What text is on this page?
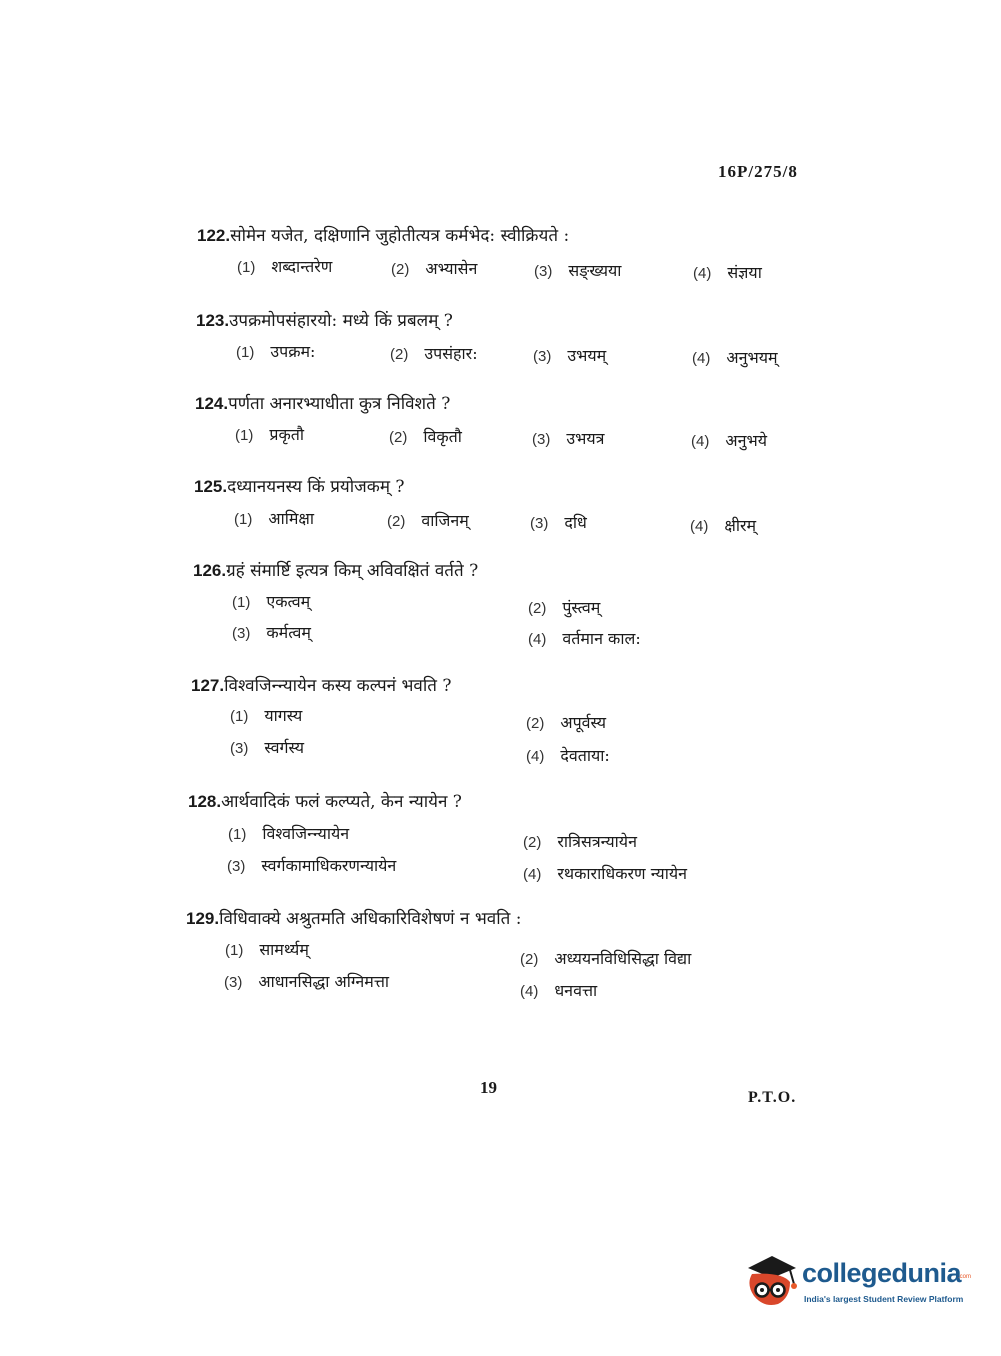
16P/275/8
122.सोमेन यजेत, दक्षिणानि जुहोतीत्यत्र कर्मभेद: स्वीक्रियते :
(1) शब्दान्तरेण	(2) अभ्यासेन	(3) सङ्ख्यया	(4) संज्ञया
123.उपक्रमोपसंहारयो: मध्ये किं प्रबलम् ?
(1) उपक्रम:	(2) उपसंहार:	(3) उभयम्	(4) अनुभयम्
124.पर्णता अनारभ्याधीता कुत्र निविशते ?
(1) प्रकृतौ	(2) विकृतौ	(3) उभयत्र	(4) अनुभये
125.दध्यानयनस्य किं प्रयोजकम् ?
(1) आमिक्षा	(2) वाजिनम्	(3) दधि	(4) क्षीरम्
126.ग्रहं संमार्ष्टि इत्यत्र किम् अविवक्षितं वर्तते ?
(1) एकत्वम्	(2) पुंस्त्वम्
(3) कर्मत्वम्	(4) वर्तमान काल:
127.विश्वजिन्न्यायेन कस्य कल्पनं भवति ?
(1) यागस्य	(2) अपूर्वस्य
(3) स्वर्गस्य	(4) देवताया:
128.आर्थवादिकं फलं कल्प्यते, केन न्यायेन ?
(1) विश्वजिन्न्यायेन	(2) रात्रिसत्रन्यायेन
(3) स्वर्गकामाधिकरणन्यायेन	(4) रथकाराधिकरण न्यायेन
129.विधिवाक्ये अश्रुतमति अधिकारिविशेषणं न भवति :
(1) सामर्थ्यम्
(2) अध्ययनविधिसिद्धा विद्या
(3) आधानसिद्धा अग्निमत्ता
(4) धनवत्ता
19
P.T.O.
collegedunia
.com
India's largest Student Review Platform
